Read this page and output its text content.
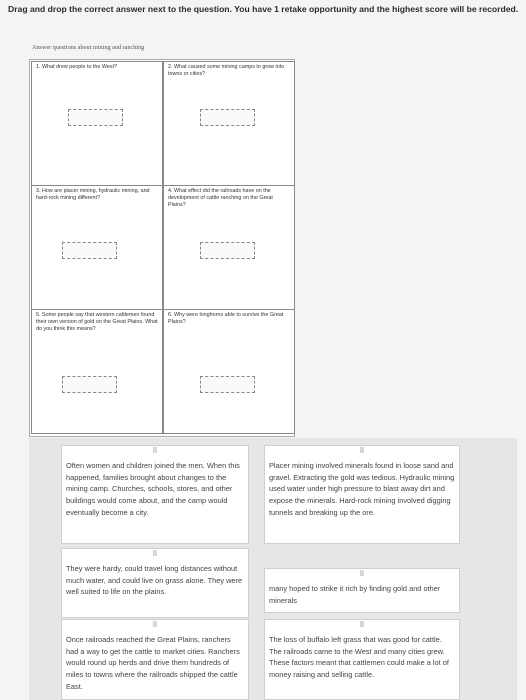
Drag and drop the correct answer next to the question. You have 1 retake opportunity and the highest score will be recorded.
Answer questions about mining and ranching
1. What drew people to the West?	2. What caused some mining camps to grow into towns or cities?
3. How are placer mining, hydraulic mining, and hard-rock mining different?
4. What effect did the railroads have on the development of cattle ranching on the Great Plains?
5. Some people say that western cattlemen found their own version of gold on the Great Plains. What do you think this means?
6. Why were longhorns able to survive the Great Plains?
⠿
Often women and children joined the men. When this happened, families brought about changes to the mining camp. Churches, schools, stores, and other buildings would come about, and the camp would eventually become a city.
⠿
Placer mining involved minerals found in loose sand and gravel. Extracting the gold was tedious. Hydraulic mining used water under high pressure to blast away dirt and expose the minerals. Hard-rock mining involved digging tunnels and breaking up the ore.
⠿
They were hardy, could travel long distances without much water, and could live on grass alone. They were well suited to life on the plains.
⠿
many hoped to strike it rich by finding gold and other minerals
⠿
Once railroads reached the Great Plains, ranchers had a way to get the cattle to market cities. Ranchers would round up herds and drive them hundreds of miles to towns where the railroads shipped the cattle East.
⠿
The loss of buffalo left grass that was good for cattle. The railroads came to the West and many cities grew. These factors meant that cattlemen could make a lot of money raising and selling cattle.
